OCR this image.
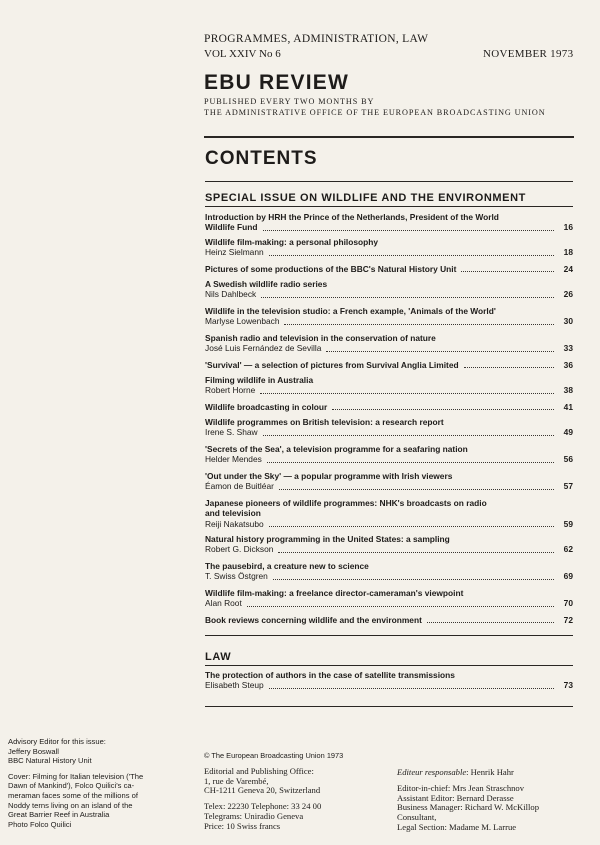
PROGRAMMES, ADMINISTRATION, LAW
VOL XXIV No 6	NOVEMBER 1973
EBU REVIEW
PUBLISHED EVERY TWO MONTHS BY
THE ADMINISTRATIVE OFFICE OF THE EUROPEAN BROADCASTING UNION
CONTENTS
SPECIAL ISSUE ON WILDLIFE AND THE ENVIRONMENT
Introduction by HRH the Prince of the Netherlands, President of the World
Wildlife Fund	16
Wildlife film-making: a personal philosophy
Heinz Sielmann	18
Pictures of some productions of the BBC's Natural History Unit	24
A Swedish wildlife radio series
Nils Dahlbeck	26
Wildlife in the television studio: a French example, 'Animals of the World'
Marlyse Lowenbach	30
Spanish radio and television in the conservation of nature
José Luis Fernández de Sevilla	33
'Survival' — a selection of pictures from Survival Anglia Limited	36
Filming wildlife in Australia
Robert Horne	38
Wildlife broadcasting in colour	41
Wildlife programmes on British television: a research report
Irene S. Shaw	49
'Secrets of the Sea', a television programme for a seafaring nation
Helder Mendes	56
'Out under the Sky' — a popular programme with Irish viewers
Éamon de Buitléar	57
Japanese pioneers of wildlife programmes: NHK's broadcasts on radio
and television
Reiji Nakatsubo	59
Natural history programming in the United States: a sampling
Robert G. Dickson	62
The pausebird, a creature new to science
T. Swiss Östgren	69
Wildlife film-making: a freelance director-cameraman's viewpoint
Alan Root	70
Book reviews concerning wildlife and the environment	72
LAW
The protection of authors in the case of satellite transmissions
Elisabeth Steup	73
Advisory Editor for this issue:
Jeffery Boswall
BBC Natural History Unit
Cover: Filming for Italian television ('The
Dawn of Mankind'), Folco Quilici's ca-
meraman faces some of the millions of
Noddy terns living on an island of the
Great Barrier Reef in Australia
Photo Folco Quilici
© The European Broadcasting Union 1973
Editorial and Publishing Office:
1, rue de Varembé,
CH-1211 Geneva 20, Switzerland
Telex: 22230 Telephone: 33 24 00
Telegrams: Uniradio Geneva
Price: 10 Swiss francs
Editeur responsable: Henrik Hahr
Editor-in-chief: Mrs Jean Straschnov
Assistant Editor: Bernard Derasse
Business Manager: Richard W. McKillop
Consultant,
Legal Section: Madame M. Larrue
